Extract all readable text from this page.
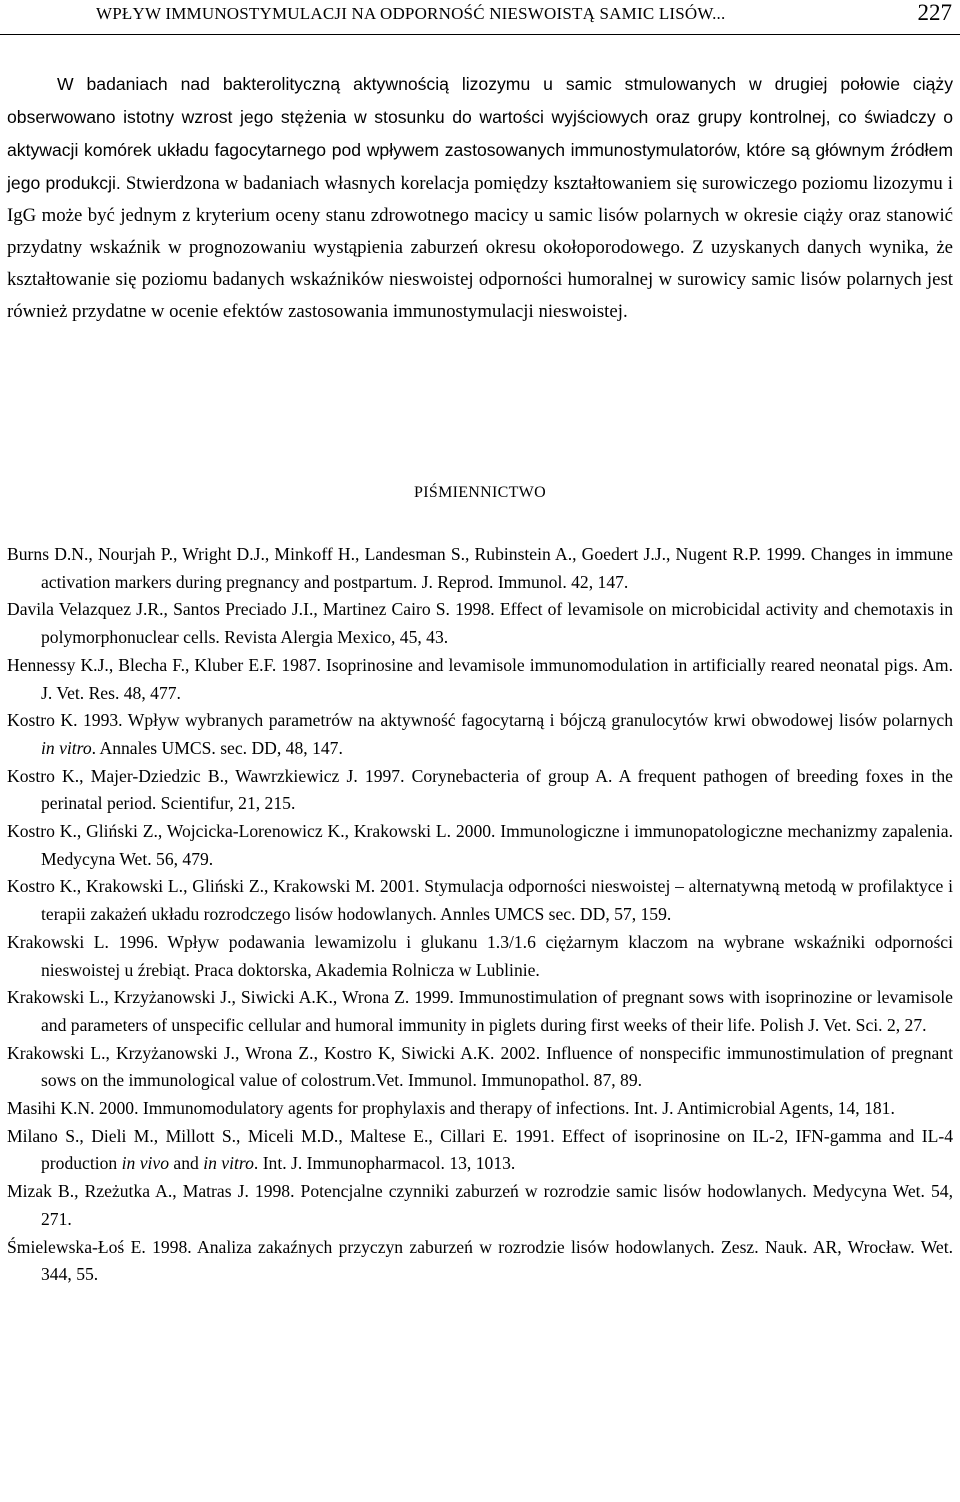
WPŁYW IMMUNOSTYMULACJI NA ODPORNOŚĆ NIESWOISTĄ SAMIC LISÓW...	227

W badaniach nad bakterolityczną aktywnością lizozymu u samic stmulowanych w drugiej połowie ciąży obserwowano istotny wzrost jego stężenia w stosunku do wartości wyjściowych oraz grupy kontrolnej, co świadczy o aktywacji komórek układu fagocytarnego pod wpływem zastosowanych immunostymulatorów, które są głównym źródłem jego produkcji. Stwierdzona w badaniach własnych korelacja pomiędzy kształtowaniem się surowiczego poziomu lizozymu i IgG może być jednym z kryterium oceny stanu zdrowotnego macicy u samic lisów polarnych w okresie ciąży oraz stanowić przydatny wskaźnik w prognozowaniu wystąpienia zaburzeń okresu okołoporodowego. Z uzyskanych danych wynika, że kształtowanie się poziomu badanych wskaźników nieswoistej odporności humoralnej w surowicy samic lisów polarnych jest również przydatne w ocenie efektów zastosowania immunostymulacji nieswoistej.

PIŚMIENNICTWO
Burns D.N., Nourjah P., Wright D.J., Minkoff H., Landesman S., Rubinstein A., Goedert J.J., Nugent R.P. 1999. Changes in immune activation markers during pregnancy and postpartum. J. Reprod. Immunol. 42, 147.
Davila Velazquez J.R., Santos Preciado J.I., Martinez Cairo S. 1998. Effect of levamisole on microbicidal activity and chemotaxis in polymorphonuclear cells. Revista Alergia Mexico, 45, 43.
Hennessy K.J., Blecha F., Kluber E.F. 1987. Isoprinosine and levamisole immunomodulation in artificially reared neonatal pigs. Am. J. Vet. Res. 48, 477.
Kostro K. 1993. Wpływ wybranych parametrów na aktywność fagocytarną i bójczą granulocytów krwi obwodowej lisów polarnych in vitro. Annales UMCS. sec. DD, 48, 147.
Kostro K., Majer-Dziedzic B., Wawrzkiewicz J. 1997. Corynebacteria of group A. A frequent pathogen of breeding foxes in the perinatal period. Scientifur, 21, 215.
Kostro K., Gliński Z., Wojcicka-Lorenowicz K., Krakowski L. 2000. Immunologiczne i immunopatologiczne mechanizmy zapalenia. Medycyna Wet. 56, 479.
Kostro K., Krakowski L., Gliński Z., Krakowski M. 2001. Stymulacja odporności nieswoistej – alternatywną metodą w profilaktyce i terapii zakażeń układu rozrodczego lisów hodowlanych. Annles UMCS sec. DD, 57, 159.
Krakowski L. 1996. Wpływ podawania lewamizolu i glukanu 1.3/1.6 ciężarnym klaczom na wybrane wskaźniki odporności nieswoistej u źrebiąt. Praca doktorska, Akademia Rolnicza w Lublinie.
Krakowski L., Krzyżanowski J., Siwicki A.K., Wrona Z. 1999. Immunostimulation of pregnant sows with isoprinozine or levamisole and parameters of unspecific cellular and humoral immunity in piglets during first weeks of their life. Polish J. Vet. Sci. 2, 27.
Krakowski L., Krzyżanowski J., Wrona Z., Kostro K, Siwicki A.K. 2002. Influence of nonspecific immunostimulation of pregnant sows on the immunological value of colostrum.Vet. Immunol. Immunopathol. 87, 89.
Masihi K.N. 2000. Immunomodulatory agents for prophylaxis and therapy of infections. Int. J. Antimicrobial Agents, 14, 181.
Milano S., Dieli M., Millott S., Miceli M.D., Maltese E., Cillari E. 1991. Effect of isoprinosine on IL-2, IFN-gamma and IL-4 production in vivo and in vitro. Int. J. Immunopharmacol. 13, 1013.
Mizak B., Rzeżutka A., Matras J. 1998. Potencjalne czynniki zaburzeń w rozrodzie samic lisów hodowlanych. Medycyna Wet. 54, 271.
Śmielewska-Łoś E. 1998. Analiza zakaźnych przyczyn zaburzeń w rozrodzie lisów hodowlanych. Zesz. Nauk. AR, Wrocław. Wet. 344, 55.
